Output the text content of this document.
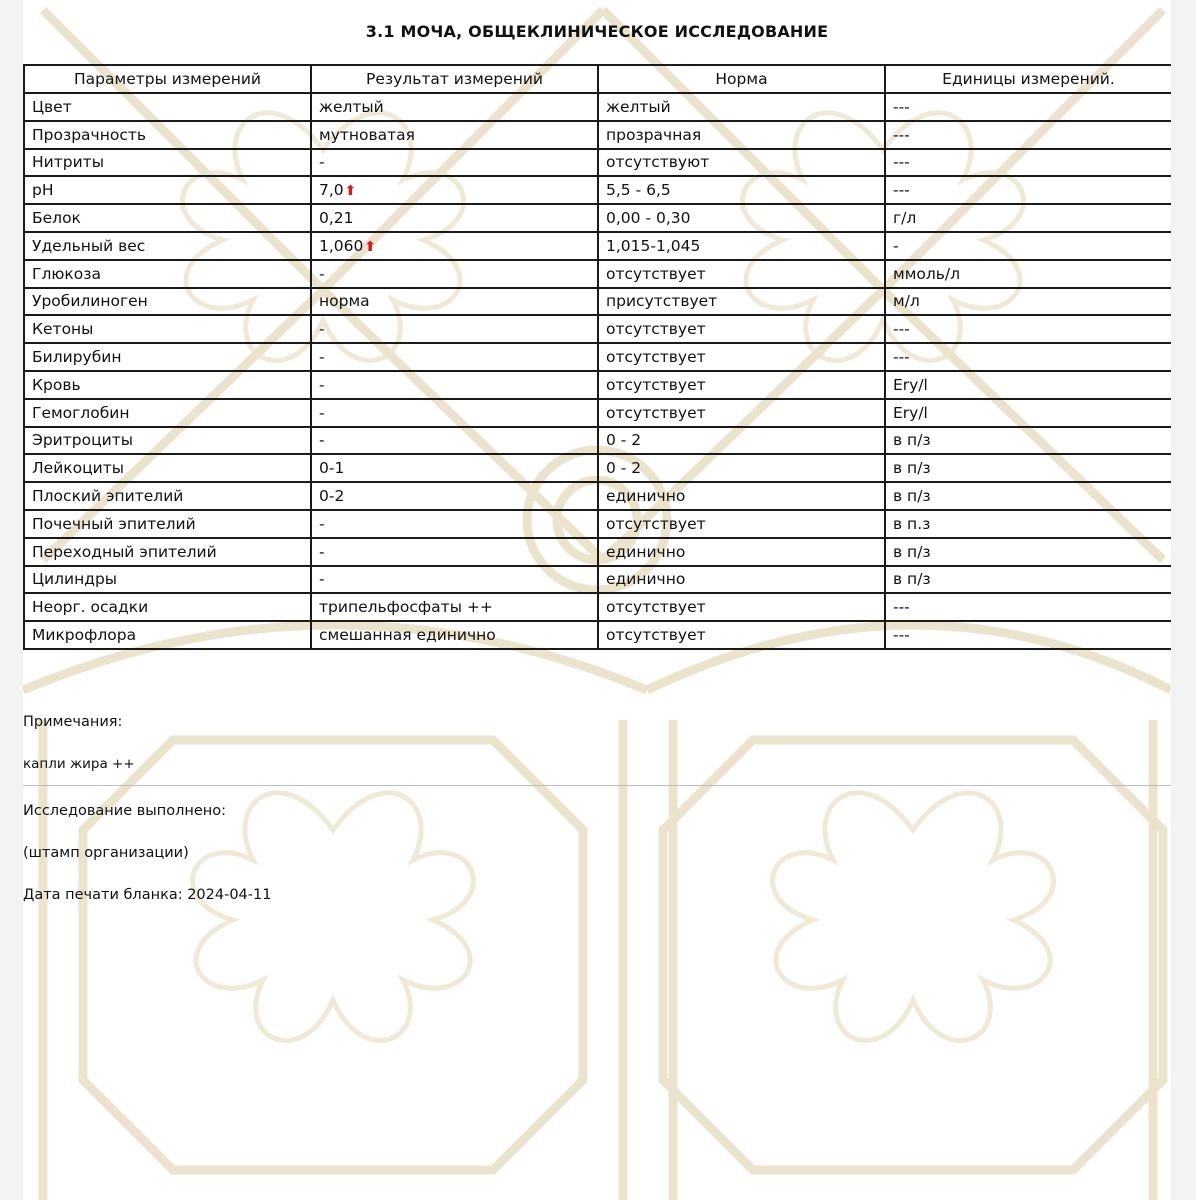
3.1 МОЧА, ОБЩЕКЛИНИЧЕСКОЕ ИССЛЕДОВАНИЕ
Параметры измерений	Результат измерений	Норма	Единицы измерений.
Цвет	желтый	желтый	---
Прозрачность	мутноватая	прозрачная	---
Нитриты	-	отсутствуют	---
pH	7,0⬆	5,5 - 6,5	---
Белок	0,21	0,00 - 0,30	г/л
Удельный вес	1,060⬆	1,015-1,045	-
Глюкоза	-	отсутствует	ммоль/л
Уробилиноген	норма	присутствует	м/л
Кетоны	-	отсутствует	---
Билирубин	-	отсутствует	---
Кровь	-	отсутствует	Ery/l
Гемоглобин	-	отсутствует	Ery/l
Эритроциты	-	0 - 2	в п/з
Лейкоциты	0-1	0 - 2	в п/з
Плоский эпителий	0-2	единично	в п/з
Почечный эпителий	-	отсутствует	в п.з
Переходный эпителий	-	единично	в п/з
Цилиндры	-	единично	в п/з
Неорг. осадки	трипельфосфаты ++	отсутствует	---
Микрофлора	смешанная единично	отсутствует	---
Примечания:
капли жира ++
Исследование выполнено:
(штамп организации)
Дата печати бланка: 2024-04-11
